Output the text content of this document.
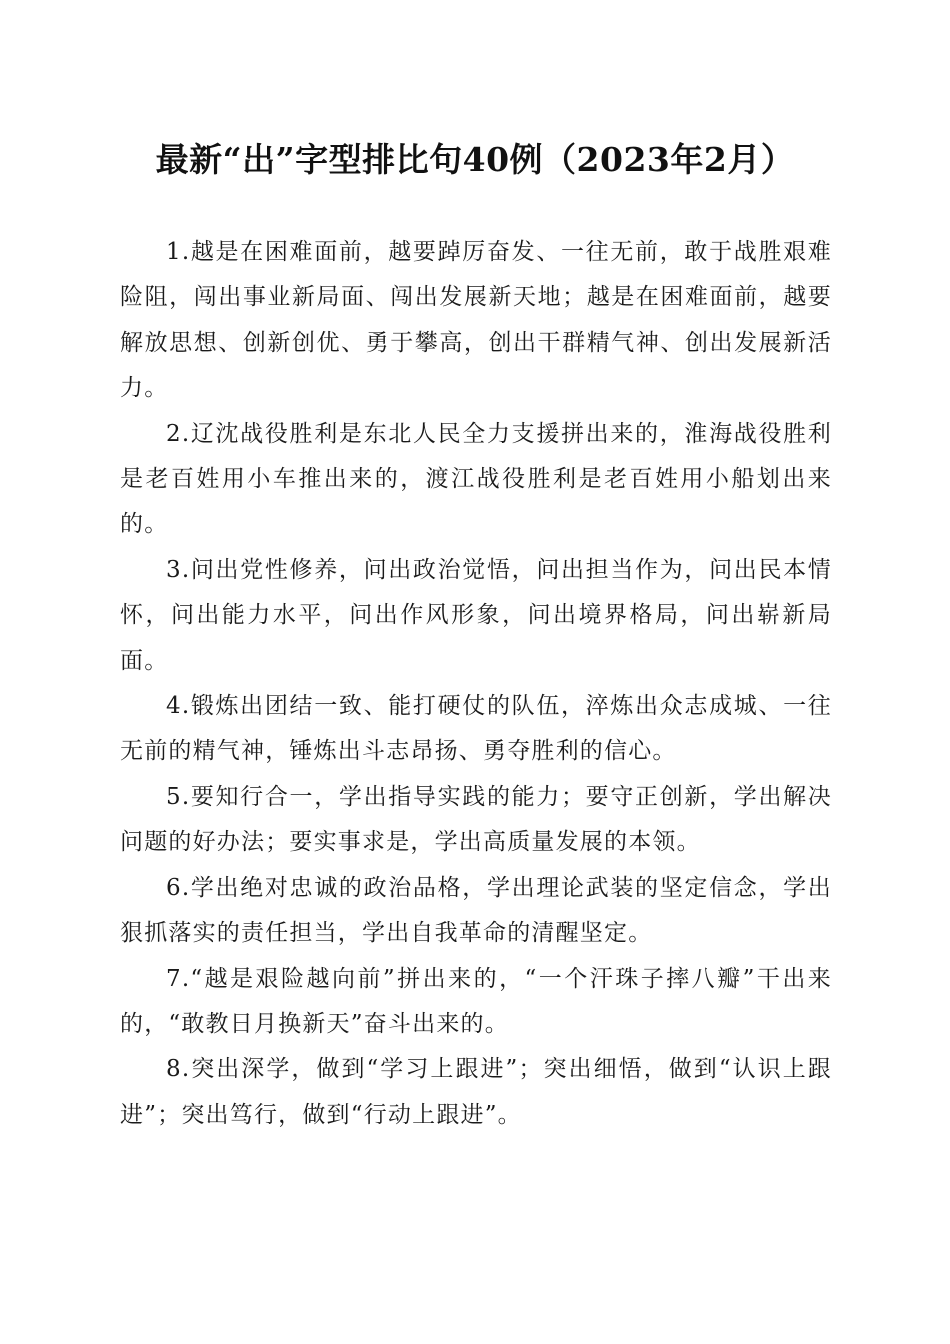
最新“出”字型排比句40例（2023年2月）

1.越是在困难面前，越要踔厉奋发、一往无前，敢于战胜艰难险阻，闯出事业新局面、闯出发展新天地；越是在困难面前，越要解放思想、创新创优、勇于攀高，创出干群精气神、创出发展新活力。

2.辽沈战役胜利是东北人民全力支援拼出来的，淮海战役胜利是老百姓用小车推出来的，渡江战役胜利是老百姓用小船划出来的。

3.问出党性修养，问出政治觉悟，问出担当作为，问出民本情怀，问出能力水平，问出作风形象，问出境界格局，问出崭新局面。

4.锻炼出团结一致、能打硬仗的队伍，淬炼出众志成城、一往无前的精气神，锤炼出斗志昂扬、勇夺胜利的信心。

5.要知行合一，学出指导实践的能力；要守正创新，学出解决问题的好办法；要实事求是，学出高质量发展的本领。

6.学出绝对忠诚的政治品格，学出理论武装的坚定信念，学出狠抓落实的责任担当，学出自我革命的清醒坚定。

7.“越是艰险越向前”拼出来的，“一个汗珠子摔八瓣”干出来的，“敢教日月换新天”奋斗出来的。

8.突出深学，做到“学习上跟进”；突出细悟，做到“认识上跟进”；突出笃行，做到“行动上跟进”。
